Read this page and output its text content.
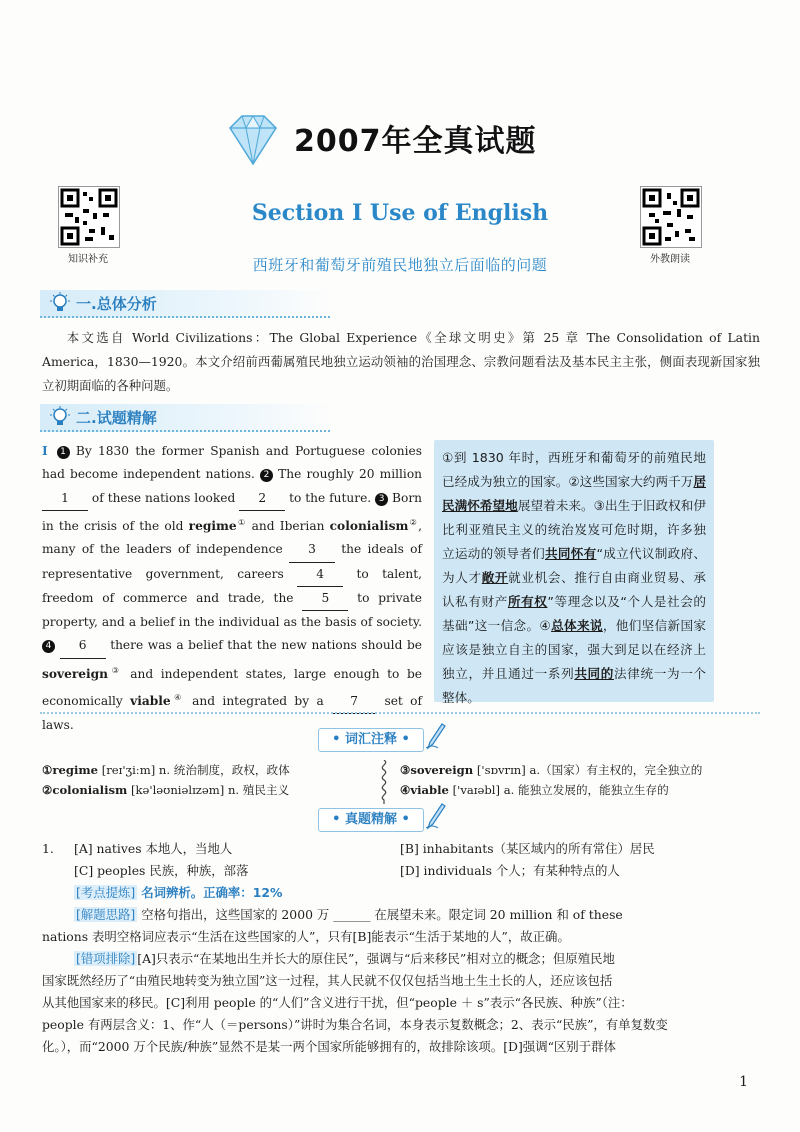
2007年全真试题
知识补充	外教朗读
Section Ⅰ Use of English
西班牙和葡萄牙前殖民地独立后面临的问题
一.总体分析
本文选自 World Civilizations：The Global Experience《全球文明史》第 25 章 The Consolidation of Latin America，1830—1920。本文介绍前西葡属殖民地独立运动领袖的治国理念、宗教问题看法及基本民主主张，侧面表现新国家独立初期面临的各种问题。
二.试题精解
Ⅰ 1 By 1830 the former Spanish and Portuguese colonies had become independent nations. 2 The roughly 20 million 1 of these nations looked 2 to the future. 3 Born in the crisis of the old regime① and Iberian colonialism②, many of the leaders of independence 3 the ideals of representative government, careers	4	to talent, freedom of commerce and trade, the 5 to private property, and a belief in the individual as the basis of society. 4 6 there was a belief that the new nations should be sovereign③ and independent states, large enough to be economically viable④ and integrated by a 7 set of laws.
①到 1830 年时，西班牙和葡萄牙的前殖民地已经成为独立的国家。②这些国家大约两千万居民满怀希望地展望着未来。③出生于旧政权和伊比利亚殖民主义的统治岌岌可危时期，许多独立运动的领导者们共同怀有“成立代议制政府、为人才敞开就业机会、推行自由商业贸易、承认私有财产所有权”等理念以及“个人是社会的基础”这一信念。④总体来说，他们坚信新国家应该是独立自主的国家，强大到足以在经济上独立，并且通过一系列共同的法律统一为一个整体。
• 词汇注释 •
①regime [reɪ'ʒiːm] n. 统治制度，政权，政体
②colonialism [kə'ləʊniəlɪzəm] n. 殖民主义
③sovereign ['sɒvrɪn] a.（国家）有主权的，完全独立的
④viable ['vaɪəbl] a. 能独立发展的，能独立生存的
• 真题精解 •
1. [A] natives 本地人，当地人	[B] inhabitants（某区域内的所有常住）居民
[C] peoples 民族，种族，部落	[D] individuals 个人；有某种特点的人
[考点提炼] 名词辨析。正确率：12%
[解题思路] 空格句指出，这些国家的 2000 万 ______ 在展望未来。限定词 20 million 和 of these
nations 表明空格词应表示“生活在这些国家的人”，只有[B]能表示“生活于某地的人”，故正确。
[错项排除] [A]只表示“在某地出生并长大的原住民”，强调与“后来移民”相对立的概念；但原殖民地
国家既然经历了“由殖民地转变为独立国”这一过程，其人民就不仅仅包括当地土生土长的人，还应该包括
从其他国家来的移民。[C]利用 people 的“人们”含义进行干扰，但“people ＋ s”表示“各民族、种族”（注：
people 有两层含义：1、作“人（＝persons）”讲时为集合名词，本身表示复数概念；2、表示“民族”，有单复数变
化。），而“2000 万个民族/种族”显然不是某一两个国家所能够拥有的，故排除该项。[D]强调“区别于群体
1
